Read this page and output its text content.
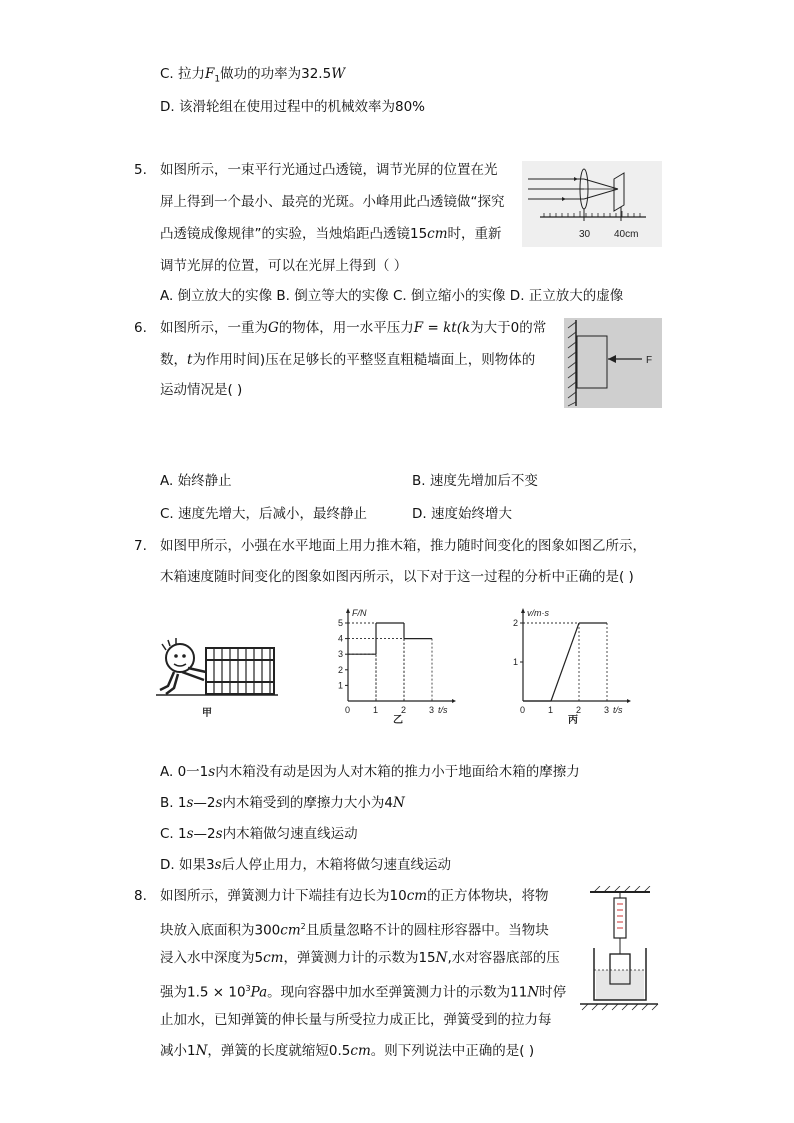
C. 拉力$F_1$做功的功率为32.5W
D. 该滑轮组在使用过程中的机械效率为80%
5. 如图所示，一束平行光通过凸透镜，调节光屏的位置在光
屏上得到一个最小、最亮的光斑。小峰用此凸透镜做“探究
凸透镜成像规律”的实验，当烛焰距凸透镜15cm时，重新
调节光屏的位置，可以在光屏上得到（ ）
A. 倒立放大的实像 B. 倒立等大的实像 C. 倒立缩小的实像 D. 正立放大的虚像
30 40cm
6. 如图所示，一重为G的物体，用一水平压力F = kt(k为大于0的常
数，t为作用时间)压在足够长的平整竖直粗糙墙面上，则物体的
运动情况是( )
F
A. 始终静止	B. 速度先增加后不变
C. 速度先增大，后减小，最终静止	D. 速度始终增大
7. 如图甲所示，小强在水平地面上用力推木箱，推力随时间变化的图象如图乙所示，
木箱速度随时间变化的图象如图丙所示，以下对于这一过程的分析中正确的是( )
甲
F/N
t/s
乙
1
2
3
4
5
0	1	2	3
v/m·s
t/s
丙
1
2
0	1	2	3
A. 0一1s内木箱没有动是因为人对木箱的推力小于地面给木箱的摩擦力
B. 1s—2s内木箱受到的摩擦力大小为4N
C. 1s—2s内木箱做匀速直线运动
D. 如果3s后人停止用力，木箱将做匀速直线运动
8. 如图所示，弹簧测力计下端挂有边长为10cm的正方体物块，将物
块放入底面积为$300cm^2$且质量忽略不计的圆柱形容器中。当物块
浸入水中深度为5cm，弹簧测力计的示数为15N,水对容器底部的压
强为$1.5 \times 10^3Pa$。现向容器中加水至弹簧测力计的示数为11N时停
止加水，已知弹簧的伸长量与所受拉力成正比，弹簧受到的拉力每
减小1N，弹簧的长度就缩短0.5cm。则下列说法中正确的是( )
